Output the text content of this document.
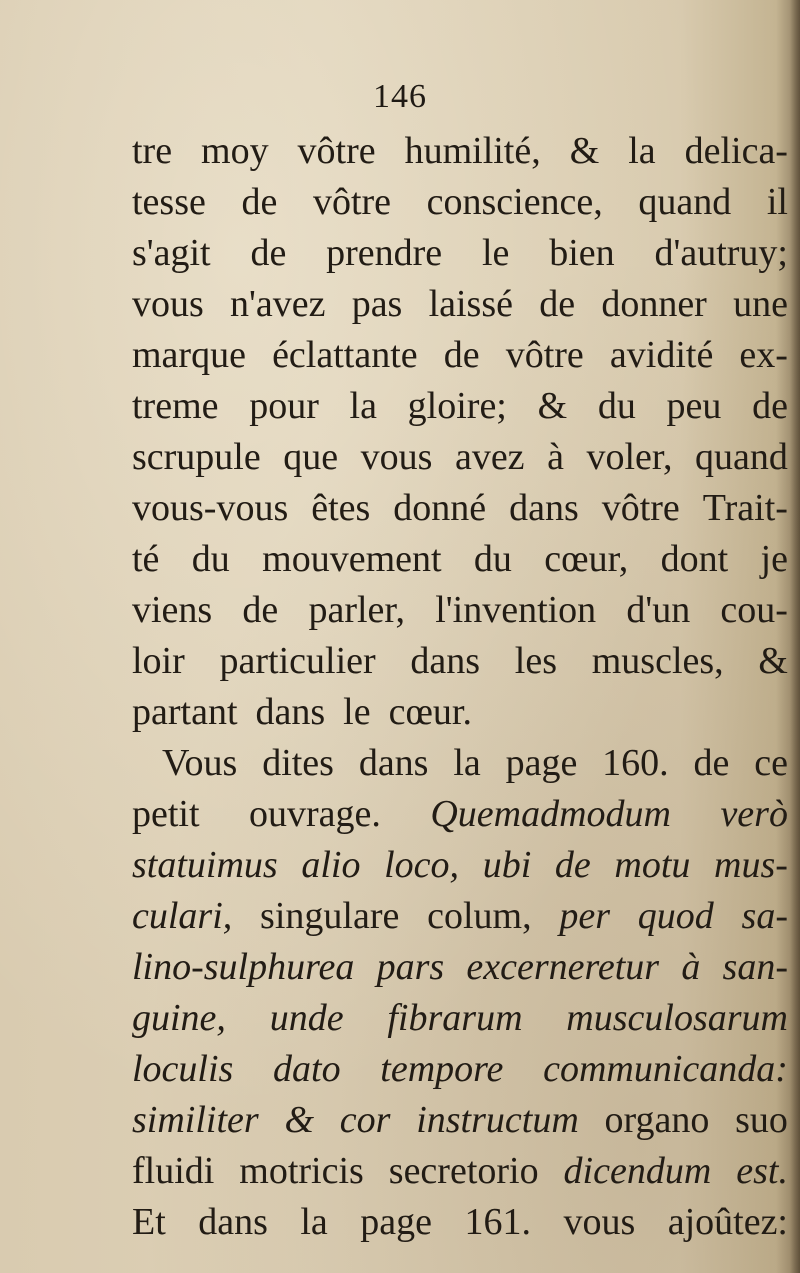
146

tre moy vôtre humilité, & la delica-
tesse de vôtre conscience, quand il
s'agit de prendre le bien d'autruy;
vous n'avez pas laissé de donner une
marque éclattante de vôtre avidité ex-
treme pour la gloire; & du peu de
scrupule que vous avez à voler, quand
vous-vous êtes donné dans vôtre Trait-
té du mouvement du cœur, dont je
viens de parler, l'invention d'un cou-
loir particulier dans les muscles, &
partant dans le cœur.
Vous dites dans la page 160. de ce
petit ouvrage. Quemadmodum verò
statuimus alio loco, ubi de motu mus-
culari, singulare colum, per quod sa-
lino-sulphurea pars excerneretur à san-
guine, unde fibrarum musculosarum
loculis dato tempore communicanda:
similiter & cor instructum organo suo
fluidi motricis secretorio dicendum est.
Et dans la page 161. vous ajoûtez:
